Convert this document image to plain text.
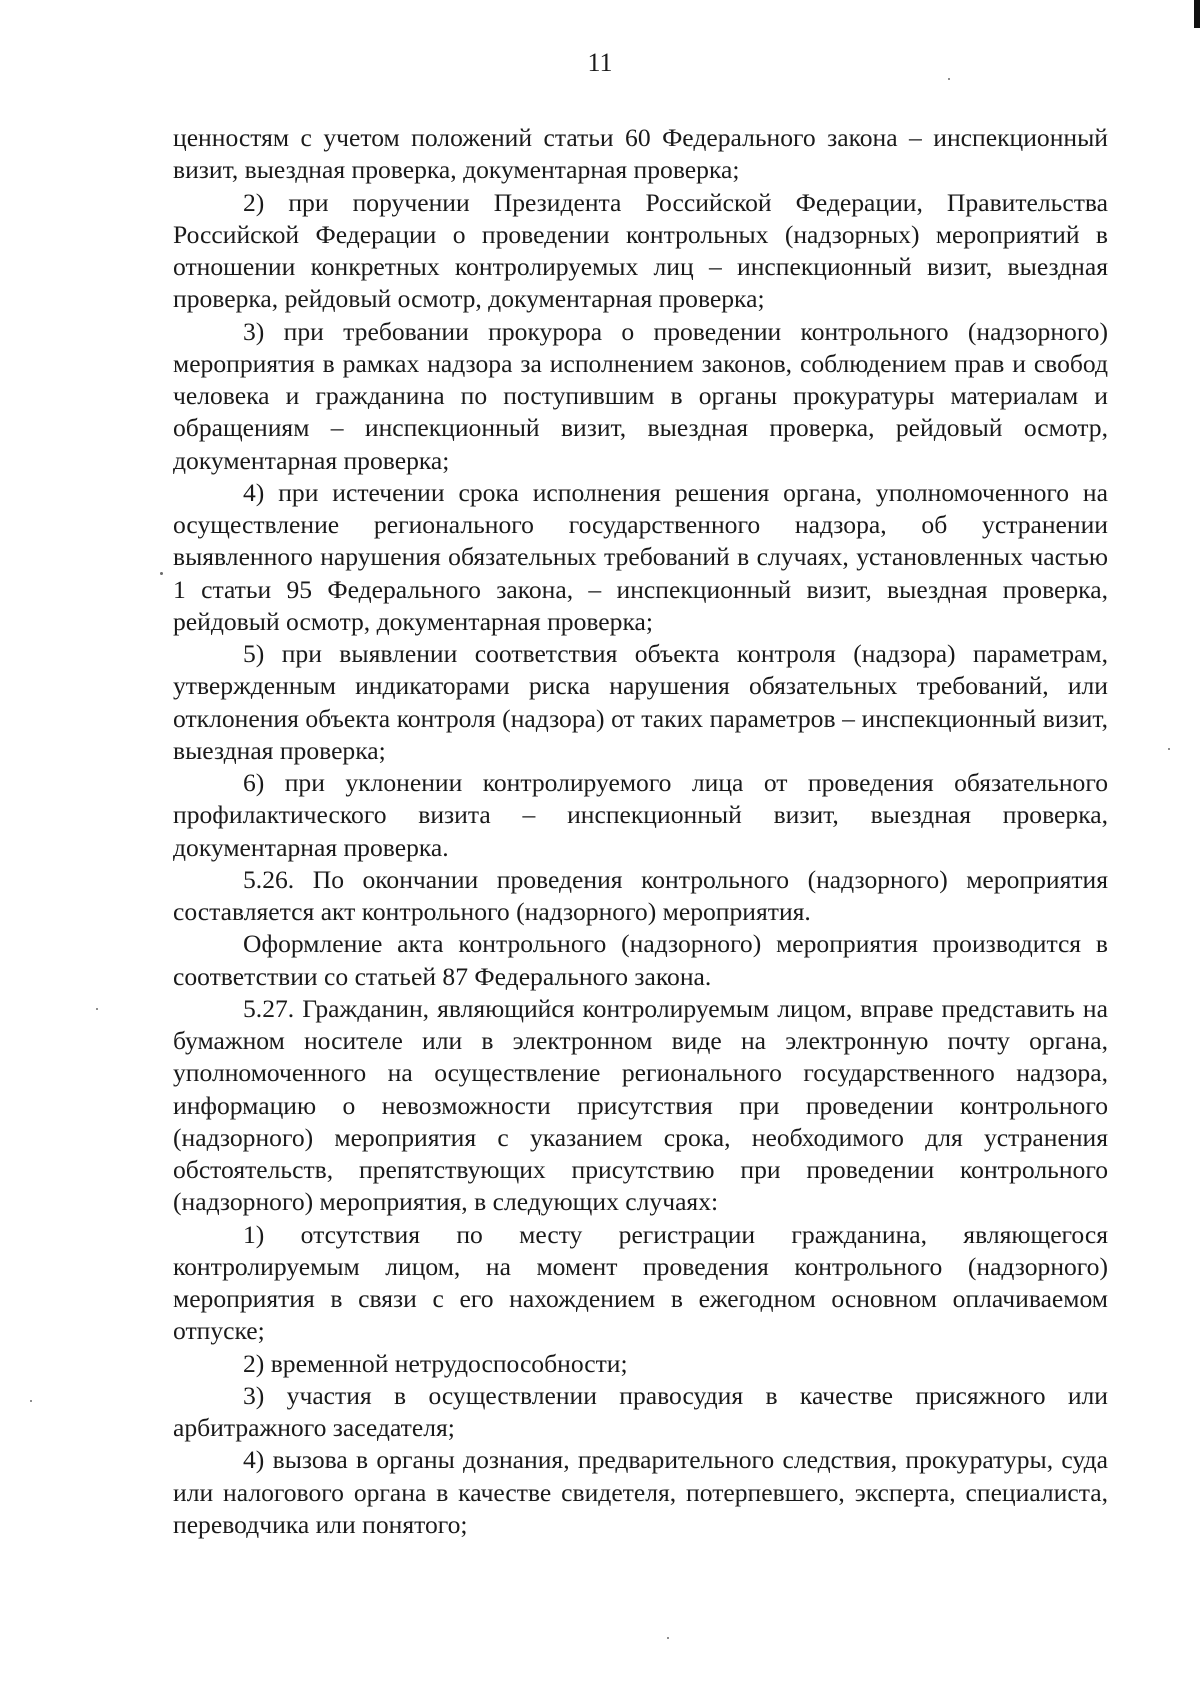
11

ценностям с учетом положений статьи 60 Федерального закона – инспекционный визит, выездная проверка, документарная проверка;

2) при поручении Президента Российской Федерации, Правительства Российской Федерации о проведении контрольных (надзорных) мероприятий в отношении конкретных контролируемых лиц – инспекционный визит, выездная проверка, рейдовый осмотр, документарная проверка;

3) при требовании прокурора о проведении контрольного (надзорного) мероприятия в рамках надзора за исполнением законов, соблюдением прав и свобод человека и гражданина по поступившим в органы прокуратуры материалам и обращениям – инспекционный визит, выездная проверка, рейдовый осмотр, документарная проверка;

4) при истечении срока исполнения решения органа, уполномоченного на осуществление регионального государственного надзора, об устранении выявленного нарушения обязательных требований в случаях, установленных частью 1 статьи 95 Федерального закона, – инспекционный визит, выездная проверка, рейдовый осмотр, документарная проверка;

5) при выявлении соответствия объекта контроля (надзора) параметрам, утвержденным индикаторами риска нарушения обязательных требований, или отклонения объекта контроля (надзора) от таких параметров – инспекционный визит, выездная проверка;

6) при уклонении контролируемого лица от проведения обязательного профилактического визита – инспекционный визит, выездная проверка, документарная проверка.

5.26. По окончании проведения контрольного (надзорного) мероприятия составляется акт контрольного (надзорного) мероприятия.

Оформление акта контрольного (надзорного) мероприятия производится в соответствии со статьей 87 Федерального закона.

5.27. Гражданин, являющийся контролируемым лицом, вправе представить на бумажном носителе или в электронном виде на электронную почту органа, уполномоченного на осуществление регионального государственного надзора, информацию о невозможности присутствия при проведении контрольного (надзорного) мероприятия с указанием срока, необходимого для устранения обстоятельств, препятствующих присутствию при проведении контрольного (надзорного) мероприятия, в следующих случаях:

1) отсутствия по месту регистрации гражданина, являющегося контролируемым лицом, на момент проведения контрольного (надзорного) мероприятия в связи с его нахождением в ежегодном основном оплачиваемом отпуске;

2) временной нетрудоспособности;

3) участия в осуществлении правосудия в качестве присяжного или арбитражного заседателя;

4) вызова в органы дознания, предварительного следствия, прокуратуры, суда или налогового органа в качестве свидетеля, потерпевшего, эксперта, специалиста, переводчика или понятого;
